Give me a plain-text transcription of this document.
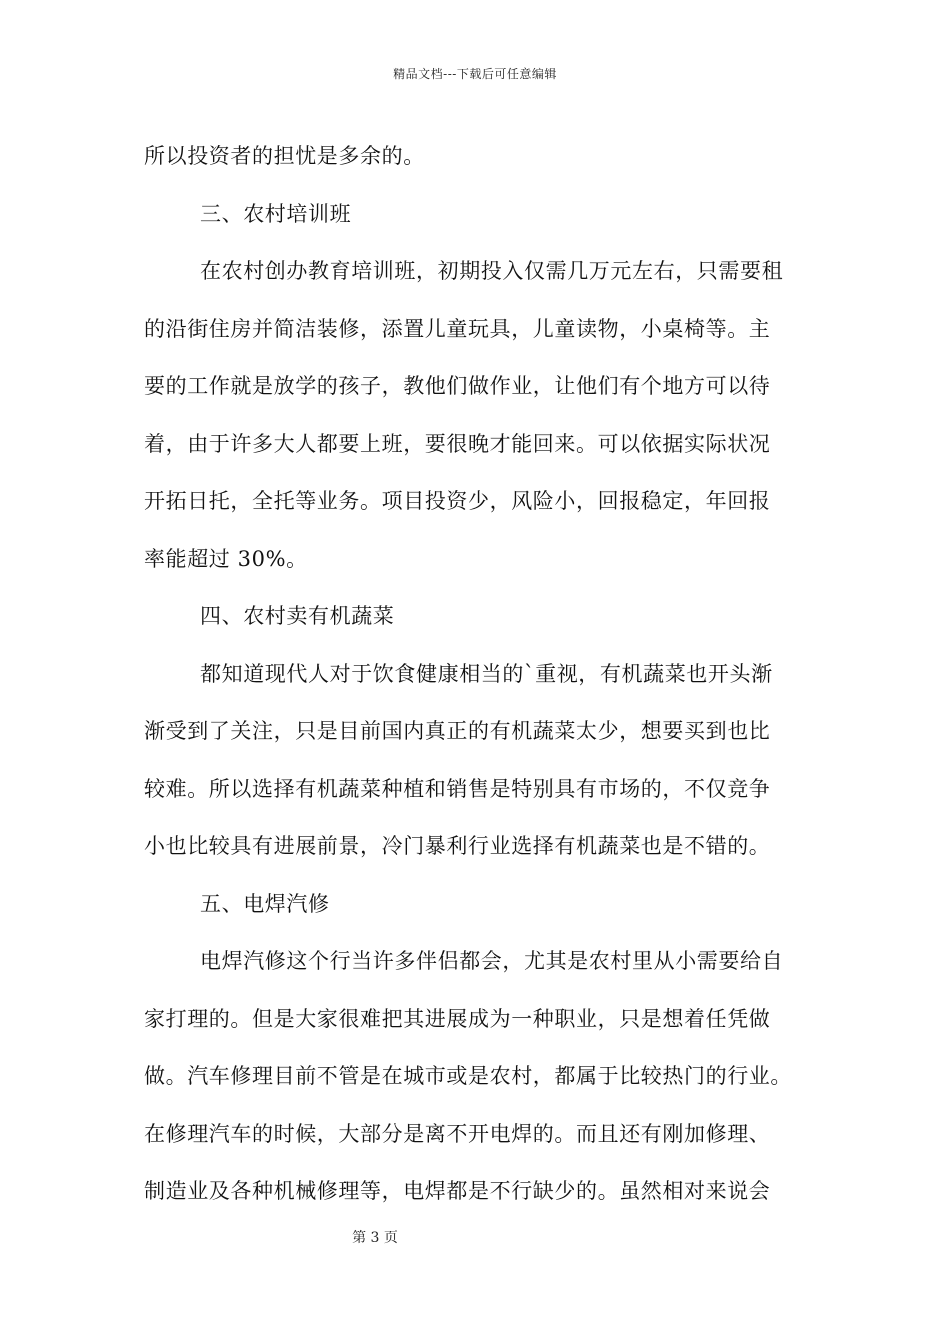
精品文档---下载后可任意编辑
所以投资者的担忧是多余的。
三、农村培训班
在农村创办教育培训班，初期投入仅需几万元左右，只需要租
的沿街住房并简洁装修，添置儿童玩具，儿童读物，小桌椅等。主
要的工作就是放学的孩子，教他们做作业，让他们有个地方可以待
着，由于许多大人都要上班，要很晚才能回来。可以依据实际状况
开拓日托，全托等业务。项目投资少，风险小，回报稳定，年回报
率能超过 30%。
四、农村卖有机蔬菜
都知道现代人对于饮食健康相当的`重视，有机蔬菜也开头渐
渐受到了关注，只是目前国内真正的有机蔬菜太少，想要买到也比
较难。所以选择有机蔬菜种植和销售是特别具有市场的，不仅竞争
小也比较具有进展前景，冷门暴利行业选择有机蔬菜也是不错的。
五、电焊汽修
电焊汽修这个行当许多伴侣都会，尤其是农村里从小需要给自
家打理的。但是大家很难把其进展成为一种职业，只是想着任凭做
做。汽车修理目前不管是在城市或是农村，都属于比较热门的行业。
在修理汽车的时候，大部分是离不开电焊的。而且还有刚加修理、
制造业及各种机械修理等，电焊都是不行缺少的。虽然相对来说会
第 3 页
